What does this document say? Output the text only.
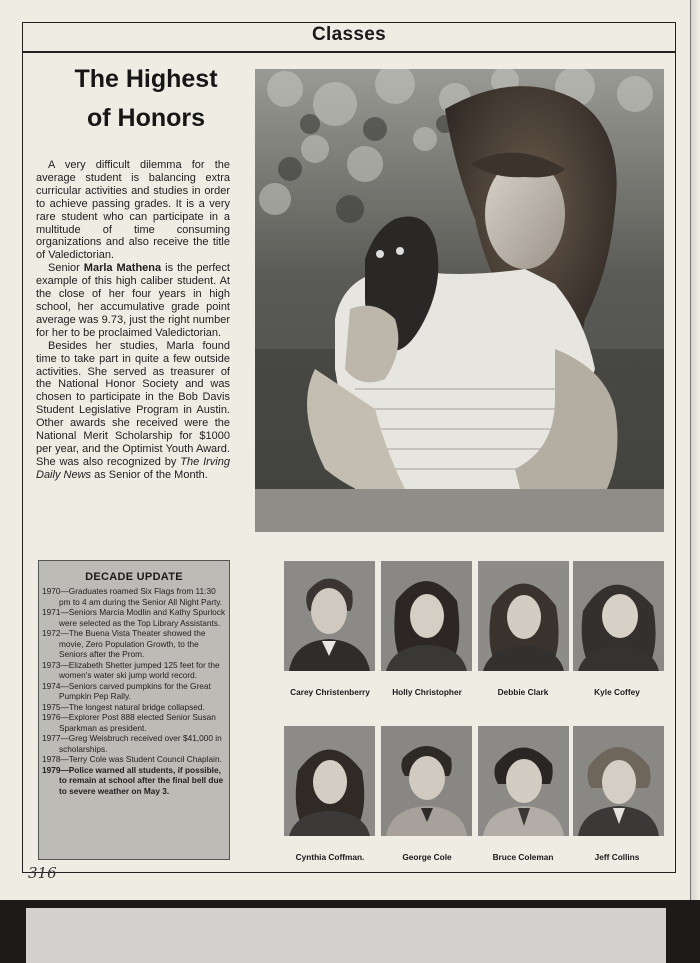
Classes
The Highest
of Honors

A very difficult dilemma for the average student is balancing extra curricular activities and studies in order to achieve passing grades. It is a very rare student who can participate in a multitude of time consuming organizations and also receive the title of Valedictorian.

Senior Marla Mathena is the perfect example of this high caliber student. At the close of her four years in high school, her accumulative grade point average was 9.73, just the right number for her to be proclaimed Valedictorian.

Besides her studies, Marla found time to take part in quite a few outside activities. She served as treasurer of the National Honor Society and was chosen to participate in the Bob Davis Student Legislative Program in Austin. Other awards she received were the National Merit Scholarship for $1000 per year, and the Optimist Youth Award. She was also recognized by The Irving Daily News as Senior of the Month.

DECADE UPDATE

1970—Graduates roamed Six Flags from 11:30 pm to 4 am during the Senior All Night Party.

1971—Seniors Marcia Modlin and Kathy Spurlock were selected as the Top Library Assistants.

1972—The Buena Vista Theater showed the movie, Zero Population Growth, to the Seniors after the Prom.

1973—Elizabeth Shetter jumped 125 feet for the women's water ski jump world record.

1974—Seniors carved pumpkins for the Great Pumpkin Pep Rally.

1975—The longest natural bridge collapsed.

1976—Explorer Post 888 elected Senior Susan Sparkman as president.

1977—Greg Weisbruch received over $41,000 in scholarships.

1978—Terry Cole was Student Council Chaplain.

1979—Police warned all students, if possible, to remain at school after the final bell due to severe weather on May 3.

Carey Christenberry	Holly Christopher	Debbie Clark	Kyle Coffey
Cynthia Coffman.	George Cole	Bruce Coleman	Jeff Collins
316
